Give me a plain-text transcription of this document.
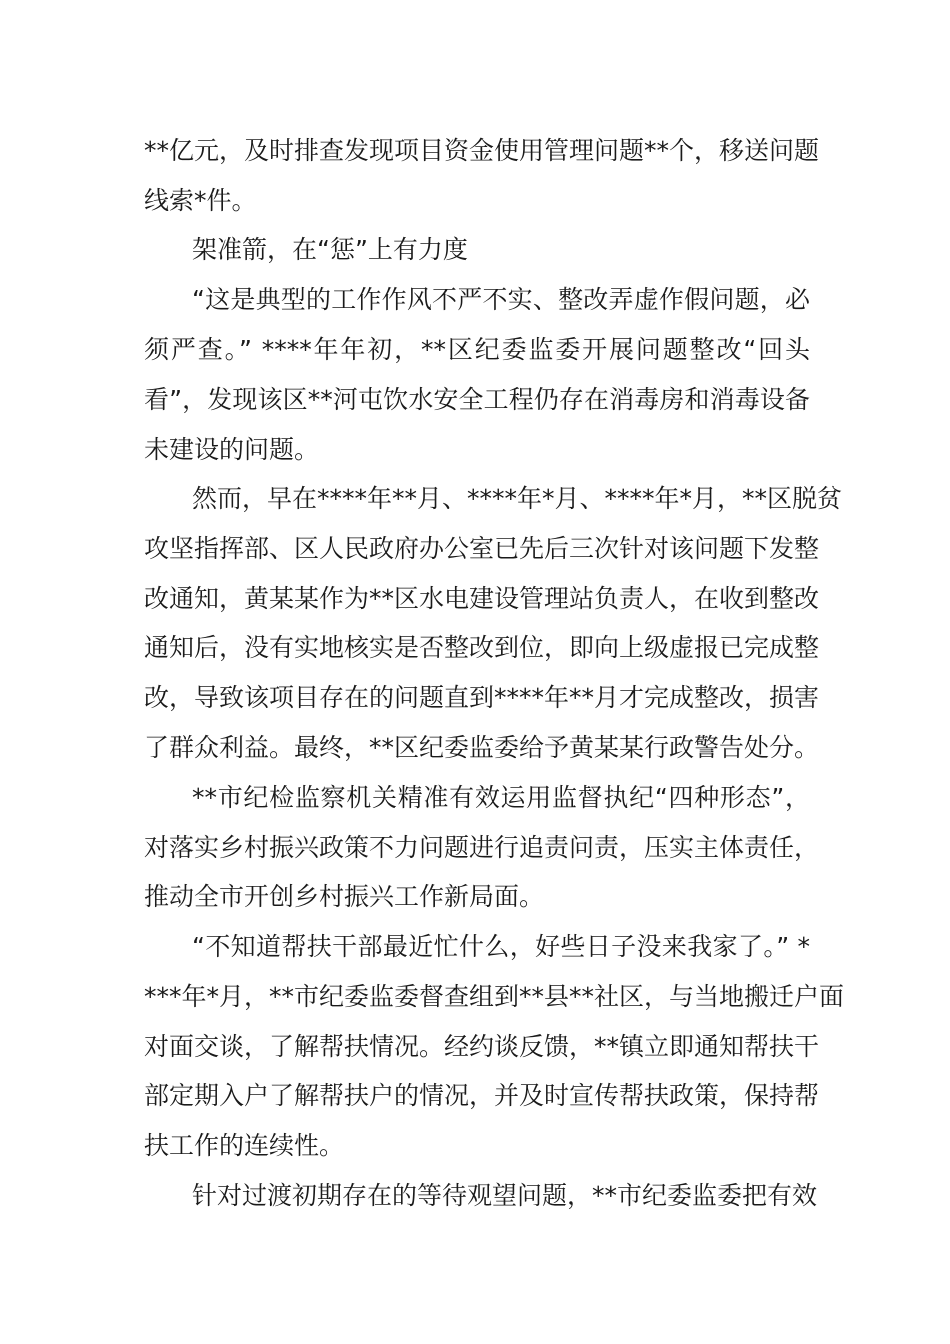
**亿元，及时排查发现项目资金使用管理问题**个，移送问题
线索*件。
架准箭，在“惩”上有力度
“这是典型的工作作风不严不实、整改弄虚作假问题，必
须严查。” ****年年初，**区纪委监委开展问题整改“回头
看”，发现该区**河屯饮水安全工程仍存在消毒房和消毒设备
未建设的问题。
然而，早在****年**月、****年*月、****年*月，**区脱贫
攻坚指挥部、区人民政府办公室已先后三次针对该问题下发整
改通知，黄某某作为**区水电建设管理站负责人，在收到整改
通知后，没有实地核实是否整改到位，即向上级虚报已完成整
改，导致该项目存在的问题直到****年**月才完成整改，损害
了群众利益。最终，**区纪委监委给予黄某某行政警告处分。
**市纪检监察机关精准有效运用监督执纪“四种形态”，
对落实乡村振兴政策不力问题进行追责问责，压实主体责任，
推动全市开创乡村振兴工作新局面。
“不知道帮扶干部最近忙什么，好些日子没来我家了。” *
***年*月，**市纪委监委督查组到**县**社区，与当地搬迁户面
对面交谈，了解帮扶情况。经约谈反馈，**镇立即通知帮扶干
部定期入户了解帮扶户的情况，并及时宣传帮扶政策，保持帮
扶工作的连续性。
针对过渡初期存在的等待观望问题，**市纪委监委把有效
